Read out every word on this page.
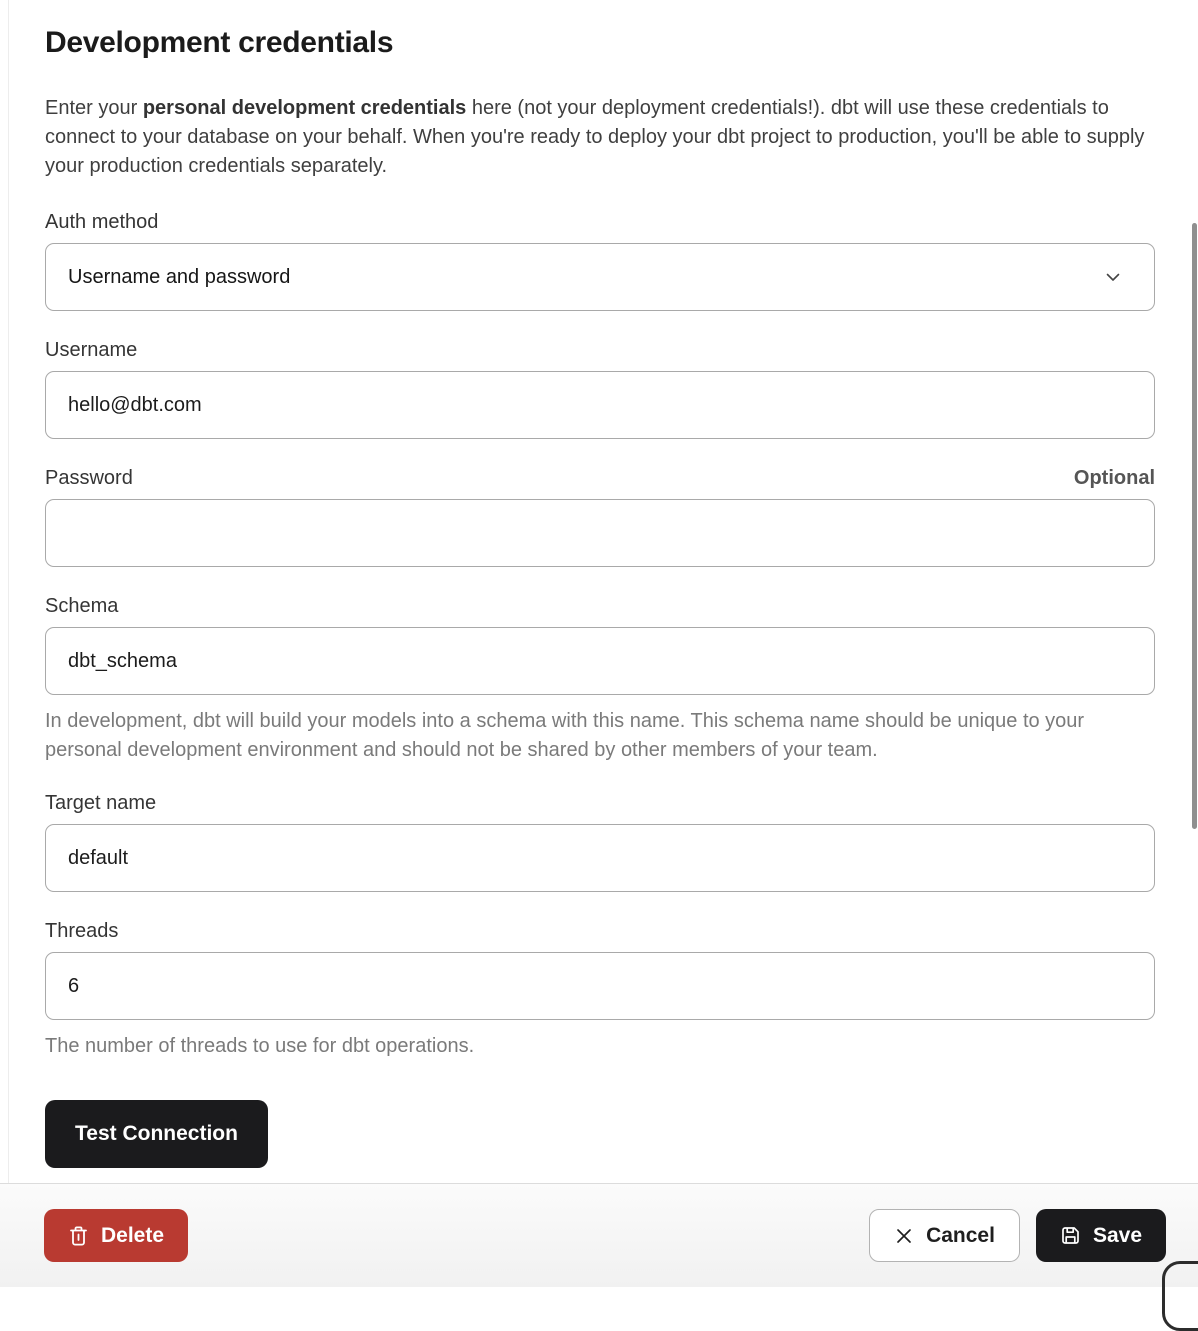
Development credentials

Enter your personal development credentials here (not your deployment credentials!). dbt will use these credentials to connect to your database on your behalf. When you're ready to deploy your dbt project to production, you'll be able to supply your production credentials separately.

Auth method
Username and password
Username
hello@dbt.com
Password	Optional
Schema
dbt_schema
In development, dbt will build your models into a schema with this name. This schema name should be unique to your personal development environment and should not be shared by other members of your team.
Target name
default
Threads
6
The number of threads to use for dbt operations.
Test Connection
Delete	Cancel	Save
